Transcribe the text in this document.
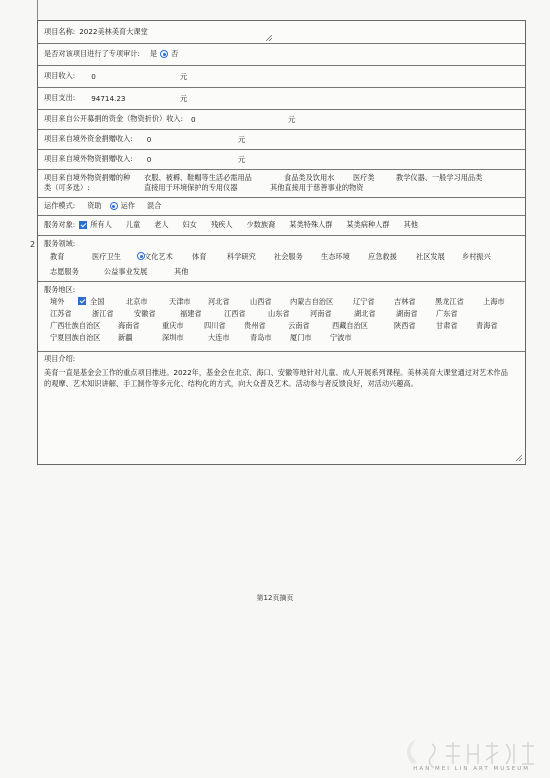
2
项目名称: 2022美林美育大课堂
是否对该项目进行了专项审计: 是 否
项目收入: 0	元
项目支出: 94714.23	元
项目来自公开募捐的资金（物资折价）收入: 0	元
项目来自境外资金捐赠收入: 0	元
项目来自境外物资捐赠收入: 0	元
项目来自境外物资捐赠的种
类（可多选）:
衣服、被褥、鞋帽等生活必需用品	食品类及饮用水	医疗类	教学仪器、一般学习用品类
直接用于环境保护的专用仪器	其他直接用于慈善事业的物资
运作模式: 资助	运作 混合
服务对象: 所有人 儿童 老人 妇女 残疾人 少数族裔 某类特殊人群 某类病种人群 其他
服务领域:
教育	医疗卫生	文化艺术	体育	科学研究	社会服务	生态环境	应急救援	社区发展 乡村振兴
志愿服务	公益事业发展	其他
服务地区:
境外	全国	北京市	天津市 河北省	山西省	内蒙古自治区	辽宁省	吉林省	黑龙江省	上海市
江苏省	浙江省	安徽省	福建省	江西省	山东省	河南省	湖北省	湖南省	广东省
广西壮族自治区 海南省	重庆市	四川省	贵州省	云南省	西藏自治区	陕西省	甘肃省	青海省
宁夏回族自治区 新疆	深圳市	大连市	青岛市	厦门市	宁波市
项目介绍:
美育一直是基金会工作的重点项目推进。2022年，基金会在北京、海口、安徽等地针对儿童、成人开展系列课程。美林美育大课堂通过对艺术作品的观摩、艺术知识讲解、手工制作等多元化、结构化的方式，向大众普及艺术。活动参与者反馈良好，对活动兴趣高。
第12页摘页
HAN MEI LIN ART MUSEUM
